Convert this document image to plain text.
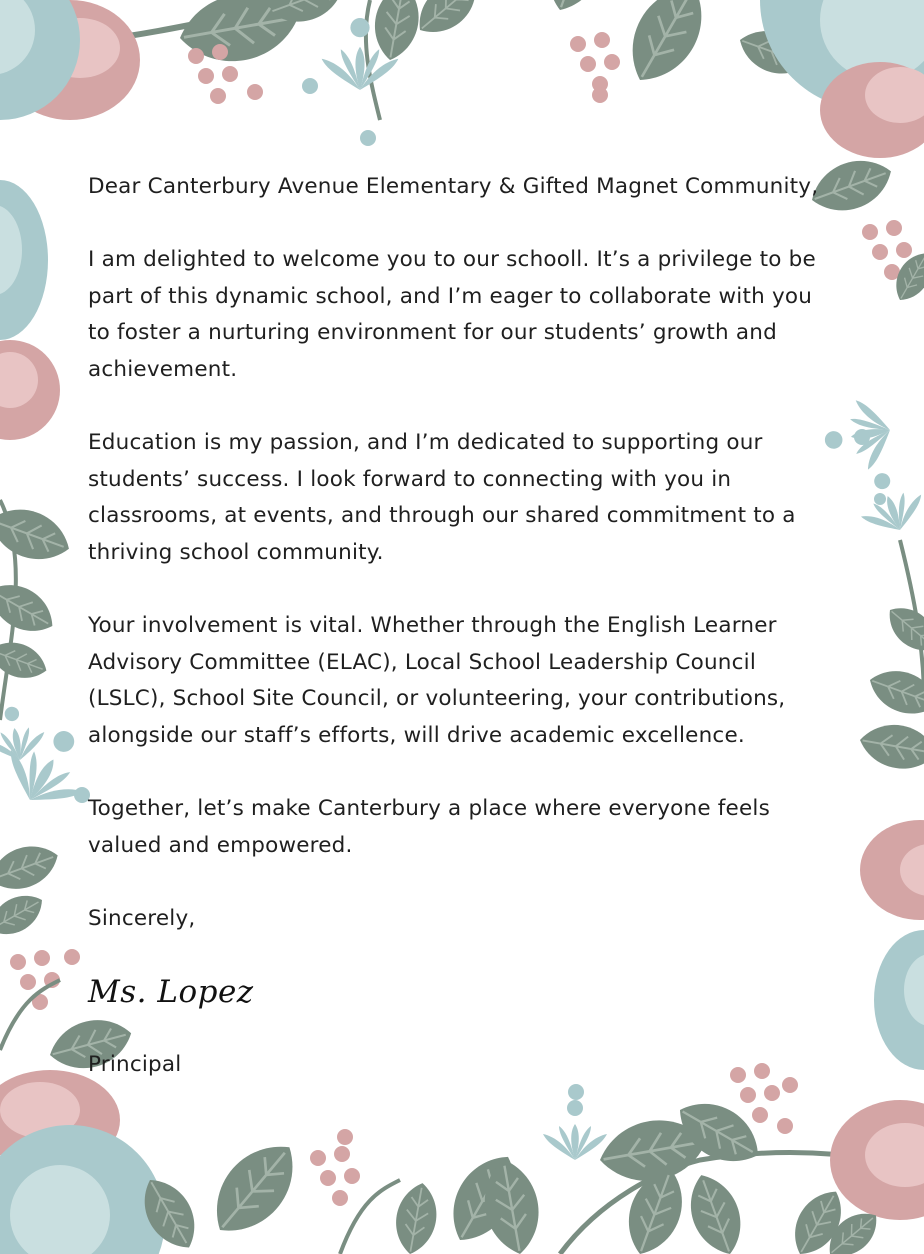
Dear Canterbury Avenue Elementary & Gifted Magnet Community,

I am delighted to welcome you to our schooll. It’s a privilege to be part of this dynamic school, and I’m eager to collaborate with you to foster a nurturing environment for our students’ growth and achievement.

Education is my passion, and I’m dedicated to supporting our students’ success. I look forward to connecting with you in classrooms, at events, and through our shared commitment to a thriving school community.

Your involvement is vital. Whether through the English Learner Advisory Committee (ELAC), Local School Leadership Council (LSLC), School Site Council, or volunteering, your contributions, alongside our staff’s efforts, will drive academic excellence.

Together, let’s make Canterbury a place where everyone feels valued and empowered.

Sincerely,

Ms. Lopez

Principal
